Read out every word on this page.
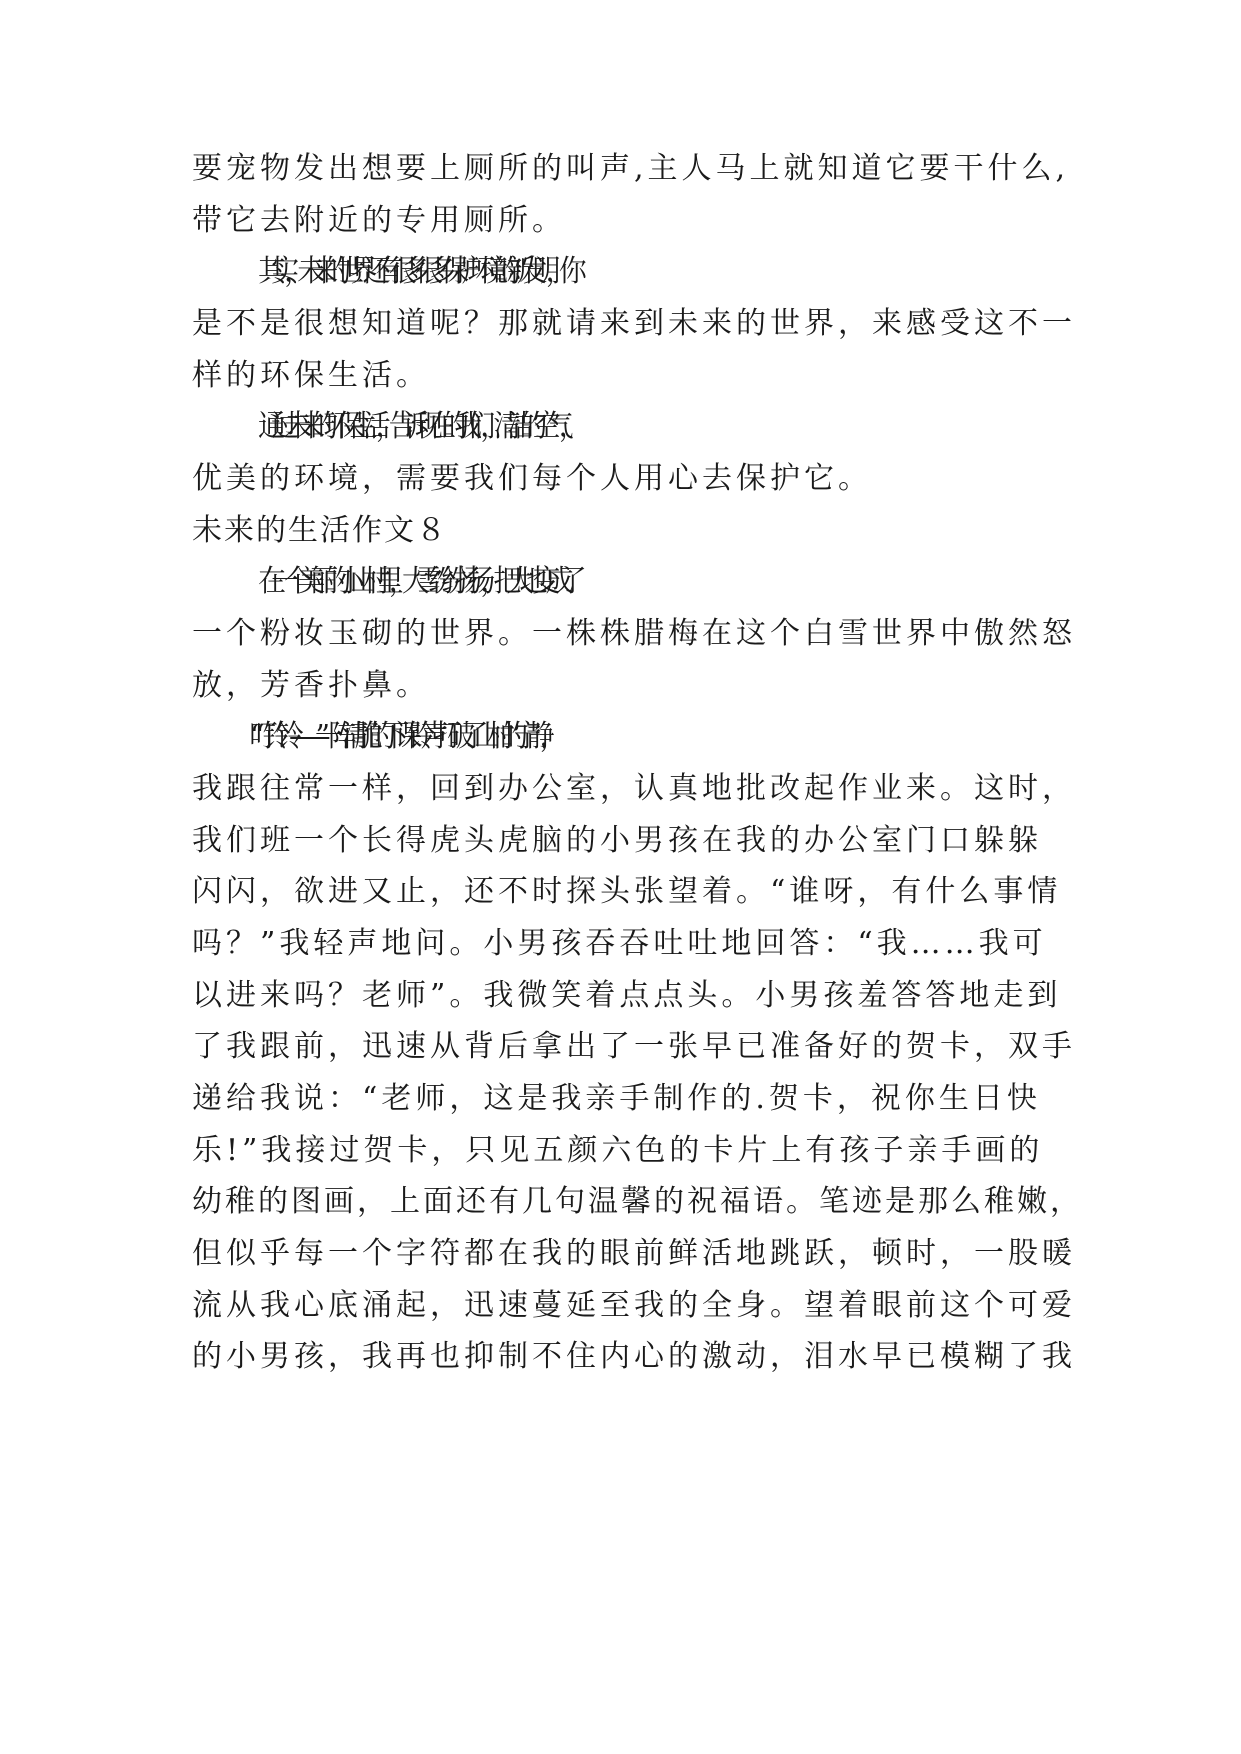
要宠物发出想要上厕所的叫声,主人马上就知道它要干什么,
带它去附近的专用厕所。
其实，未来的世界还有很多很多保护环境的新发明，你
是不是很想知道呢？那就请来到未来的世界，来感受这不一
样的环保生活。
通过未来的环保生活，告诉现在的我们，清洁的空气，
优美的环境，需要我们每个人用心去保护它。
未来的生活作文８
在一个美丽的小山村里，大雪纷纷扬扬，把大地变成了
一个粉妆玉砌的世界。一株株腊梅在这个白雪世界中傲然怒
放，芳香扑鼻。
“叮铃铃——”一阵清脆的下课铃声打破了山村的宁静，
我跟往常一样，回到办公室，认真地批改起作业来。这时，
我们班一个长得虎头虎脑的小男孩在我的办公室门口躲躲
闪闪，欲进又止，还不时探头张望着。“谁呀，有什么事情
吗？”我轻声地问。小男孩吞吞吐吐地回答：“我……我可
以进来吗？老师”。我微笑着点点头。小男孩羞答答地走到
了我跟前，迅速从背后拿出了一张早已准备好的贺卡，双手
递给我说：“老师，这是我亲手制作的.贺卡，祝你生日快
乐!”我接过贺卡，只见五颜六色的卡片上有孩子亲手画的
幼稚的图画，上面还有几句温馨的祝福语。笔迹是那么稚嫩，
但似乎每一个字符都在我的眼前鲜活地跳跃，顿时，一股暖
流从我心底涌起，迅速蔓延至我的全身。望着眼前这个可爱
的小男孩，我再也抑制不住内心的激动，泪水早已模糊了我
